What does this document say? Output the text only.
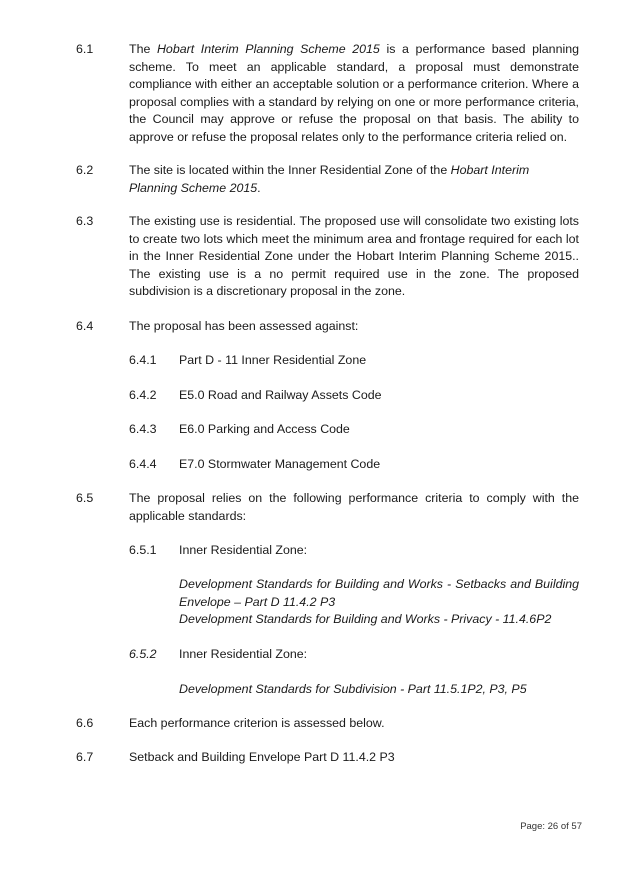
6.1	The Hobart Interim Planning Scheme 2015 is a performance based planning scheme. To meet an applicable standard, a proposal must demonstrate compliance with either an acceptable solution or a performance criterion. Where a proposal complies with a standard by relying on one or more performance criteria, the Council may approve or refuse the proposal on that basis. The ability to approve or refuse the proposal relates only to the performance criteria relied on.

6.2	The site is located within the Inner Residential Zone of the Hobart Interim Planning Scheme 2015.

6.3	The existing use is residential. The proposed use will consolidate two existing lots to create two lots which meet the minimum area and frontage required for each lot in the Inner Residential Zone under the Hobart Interim Planning Scheme 2015.. The existing use is a no permit required use in the zone. The proposed subdivision is a discretionary proposal in the zone.

6.4	The proposal has been assessed against:

6.4.1 Part D - 11 Inner Residential Zone
6.4.2 E5.0 Road and Railway Assets Code
6.4.3 E6.0 Parking and Access Code
6.4.4 E7.0 Stormwater Management Code
6.5	The proposal relies on the following performance criteria to comply with the applicable standards:

6.5.1 Inner Residential Zone:

Development Standards for Building and Works - Setbacks and Building Envelope – Part D 11.4.2 P3

Development Standards for Building and Works - Privacy - 11.4.6P2

6.5.2 Inner Residential Zone:

Development Standards for Subdivision - Part 11.5.1P2, P3, P5

6.6	Each performance criterion is assessed below.

6.7	Setback and Building Envelope Part D 11.4.2 P3

Page: 26 of 57
